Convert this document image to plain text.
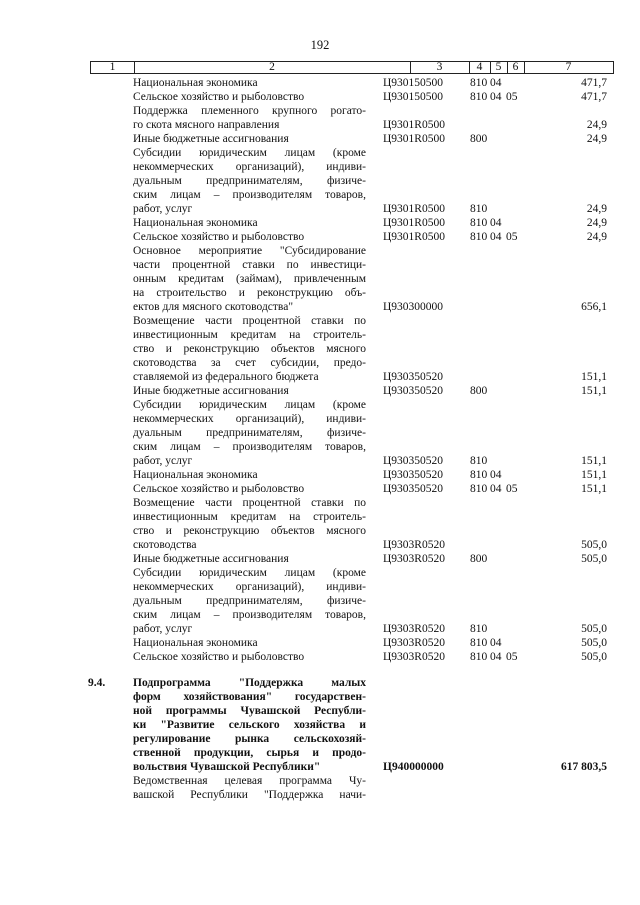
192
1	2	3	4	5 6	7
Национальная экономика	Ц930150500 810 04	471,7
Сельское хозяйство и рыболовство	Ц930150500 810 04 05	471,7
Поддержка племенного крупного рогато-
го скота мясного направления	Ц9301R0500	24,9
Иные бюджетные ассигнования	Ц9301R0500 800	24,9
Субсидии юридическим лицам (кроме
некоммерческих организаций), индиви-
дуальным предпринимателям, физиче-
ским лицам – производителям товаров,
работ, услуг	Ц9301R0500 810	24,9
Национальная экономика	Ц9301R0500 810 04	24,9
Сельское хозяйство и рыболовство	Ц9301R0500 810 04 05	24,9
Основное мероприятие "Субсидирование
части процентной ставки по инвестици-
онным кредитам (займам), привлеченным
на строительство и реконструкцию объ-
ектов для мясного скотоводства"	Ц930300000	656,1
Возмещение части процентной ставки по
инвестиционным кредитам на строитель-
ство и реконструкцию объектов мясного
скотоводства за счет субсидии, предо-
ставляемой из федерального бюджета	Ц930350520	151,1
Иные бюджетные ассигнования	Ц930350520 800	151,1
Субсидии юридическим лицам (кроме
некоммерческих организаций), индиви-
дуальным предпринимателям, физиче-
ским лицам – производителям товаров,
работ, услуг	Ц930350520 810	151,1
Национальная экономика	Ц930350520 810 04	151,1
Сельское хозяйство и рыболовство	Ц930350520 810 04 05	151,1
Возмещение части процентной ставки по
инвестиционным кредитам на строитель-
ство и реконструкцию объектов мясного
скотоводства	Ц9303R0520	505,0
Иные бюджетные ассигнования	Ц9303R0520 800	505,0
Субсидии юридическим лицам (кроме
некоммерческих организаций), индиви-
дуальным предпринимателям, физиче-
ским лицам – производителям товаров,
работ, услуг	Ц9303R0520 810	505,0
Национальная экономика	Ц9303R0520 810 04	505,0
Сельское хозяйство и рыболовство	Ц9303R0520 810 04 05	505,0
9.4.	Подпрограмма "Поддержка малых
форм хозяйствования" государствен-
ной программы Чувашской Республи-
ки "Развитие сельского хозяйства и
регулирование рынка сельскохозяй-
ственной продукции, сырья и продо-
вольствия Чувашской Республики"	Ц940000000	617 803,5
Ведомственная целевая программа Чу-
вашской Республики "Поддержка начи-
